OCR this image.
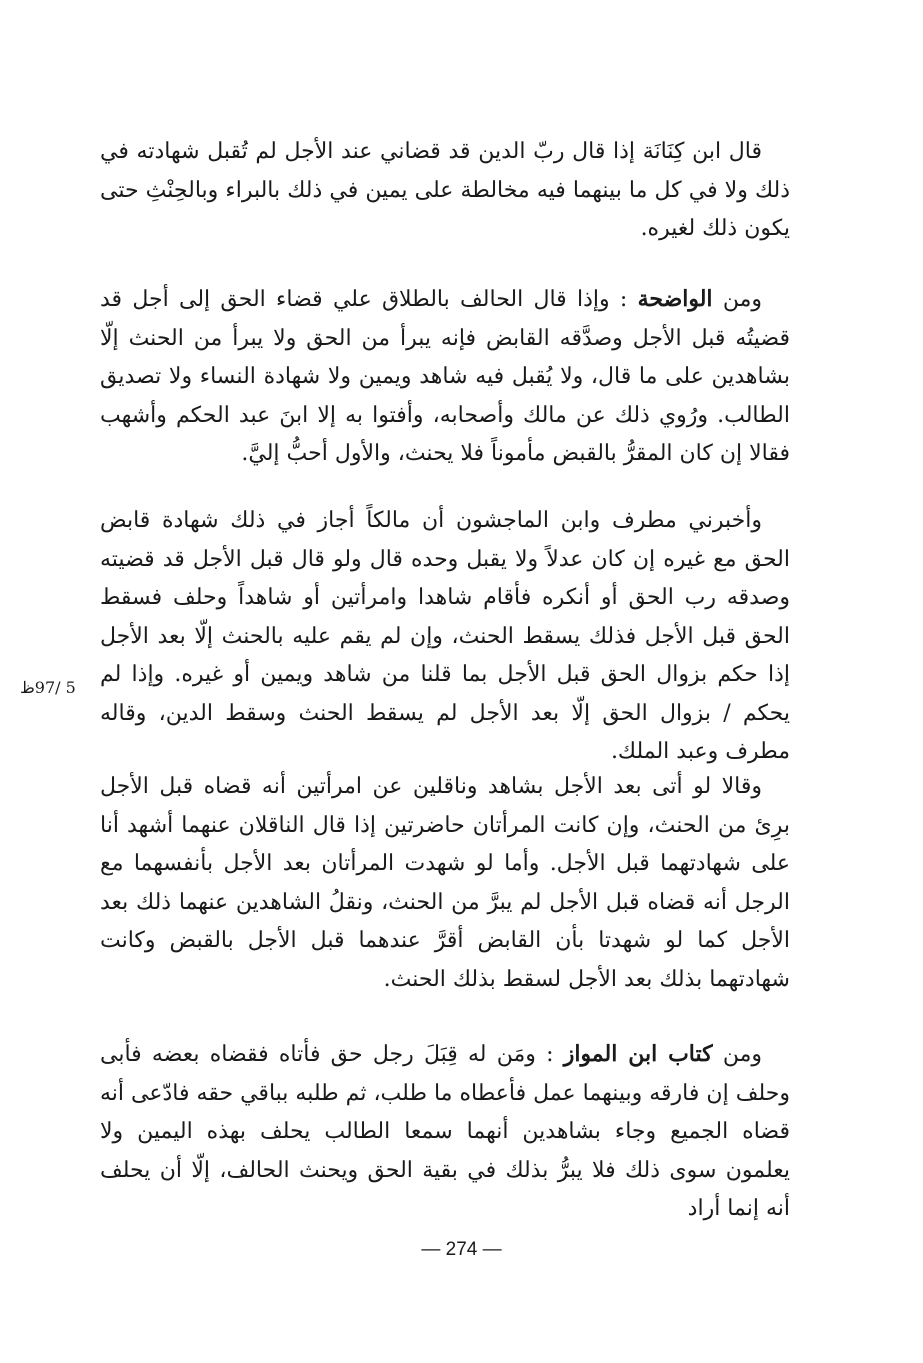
قال ابن كِنَانَة إذا قال ربّ الدين قد قضاني عند الأجل لم تُقبل شهادته في ذلك ولا في كل ما بينهما فيه مخالطة على يمين في ذلك بالبراء وبالحِنْثِ حتى يكون ذلك لغيره.

ومن الواضحة : وإذا قال الحالف بالطلاق علي قضاء الحق إلى أجل قد قضيتُه قبل الأجل وصدَّقه القابض فإنه يبرأ من الحق ولا يبرأ من الحنث إلّا بشاهدين على ما قال، ولا يُقبل فيه شاهد ويمين ولا شهادة النساء ولا تصديق الطالب. ورُوي ذلك عن مالك وأصحابه، وأفتوا به إلا ابنَ عبد الحكم وأشهب فقالا إن كان المقرُّ بالقبض مأموناً فلا يحنث، والأول أحبُّ إليَّ.

وأخبرني مطرف وابن الماجشون أن مالكاً أجاز في ذلك شهادة قابض الحق مع غيره إن كان عدلاً ولا يقبل وحده قال ولو قال قبل الأجل قد قضيته وصدقه رب الحق أو أنكره فأقام شاهدا وامرأتين أو شاهداً وحلف فسقط الحق قبل الأجل فذلك يسقط الحنث، وإن لم يقم عليه بالحنث إلّا بعد الأجل إذا حكم بزوال الحق قبل الأجل بما قلنا من شاهد ويمين أو غيره. وإذا لم يحكم / بزوال الحق إلّا بعد الأجل لم يسقط الحنث وسقط الدين، وقاله مطرف وعبد الملك.

5 /97ظ

وقالا لو أتى بعد الأجل بشاهد وناقلين عن امرأتين أنه قضاه قبل الأجل برِئ من الحنث، وإن كانت المرأتان حاضرتين إذا قال الناقلان عنهما أشهد أنا على شهادتهما قبل الأجل. وأما لو شهدت المرأتان بعد الأجل بأنفسهما مع الرجل أنه قضاه قبل الأجل لم يبرَّ من الحنث، ونقلُ الشاهدين عنهما ذلك بعد الأجل كما لو شهدتا بأن القابض أقرَّ عندهما قبل الأجل بالقبض وكانت شهادتهما بذلك بعد الأجل لسقط بذلك الحنث.

ومن كتاب ابن المواز : ومَن له قِبَلَ رجل حق فأتاه فقضاه بعضه فأبى وحلف إن فارقه وبينهما عمل فأعطاه ما طلب، ثم طلبه بباقي حقه فادّعى أنه قضاه الجميع وجاء بشاهدين أنهما سمعا الطالب يحلف بهذه اليمين ولا يعلمون سوى ذلك فلا يبرُّ بذلك في بقية الحق ويحنث الحالف، إلّا أن يحلف أنه إنما أراد

— 274 —
